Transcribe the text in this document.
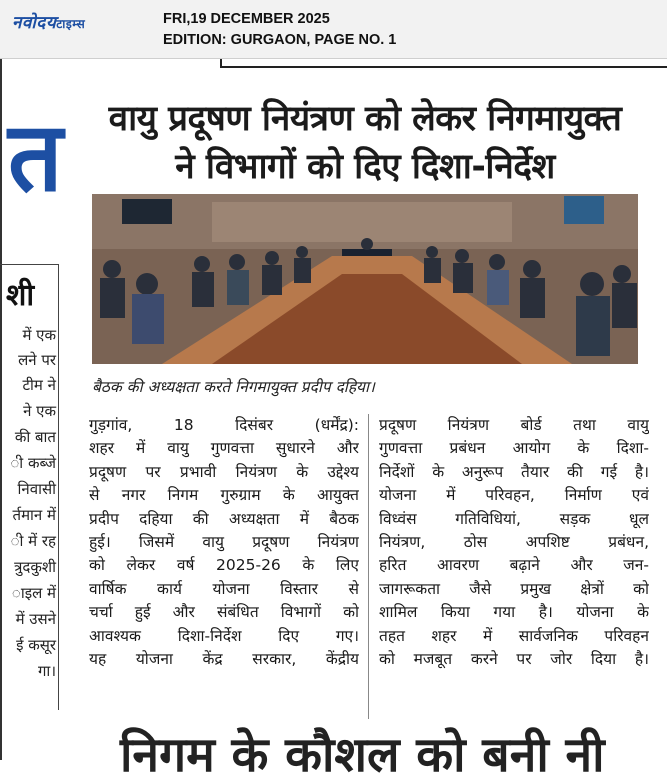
नवोदयटाइम्स	FRI,19 DECEMBER 2025
EDITION: GURGAON, PAGE NO. 1
त
शी
में एक
लने पर
टीम ने
ने एक
की बात
ी कब्जे
निवासी
र्तमान में
ी में रह
त्रुदकुशी
ाइल में
में उसने
ई कसूर
गा।
वायु प्रदूषण नियंत्रण को लेकर निगमायुक्त
ने विभागों को दिए दिशा-निर्देश
बैठक की अध्यक्षता करते निगमायुक्त प्रदीप दहिया।
गुड़गांव, 18 दिसंबर (धर्मेंद्र):
शहर में वायु गुणवत्ता सुधारने और
प्रदूषण पर प्रभावी नियंत्रण के उद्देश्य
से नगर निगम गुरुग्राम के आयुक्त
प्रदीप दहिया की अध्यक्षता में बैठक
हुई। जिसमें वायु प्रदूषण नियंत्रण
को लेकर वर्ष 2025-26 के लिए
वार्षिक कार्य योजना विस्तार से
चर्चा हुई और संबंधित विभागों को
आवश्यक दिशा-निर्देश दिए गए।
यह योजना केंद्र सरकार, केंद्रीय
प्रदूषण नियंत्रण बोर्ड तथा वायु
गुणवत्ता प्रबंधन आयोग के दिशा-
निर्देशों के अनुरूप तैयार की गई है।
योजना में परिवहन, निर्माण एवं
विध्वंस गतिविधियां, सड़क धूल
नियंत्रण, ठोस अपशिष्ट प्रबंधन,
हरित आवरण बढ़ाने और जन-
जागरूकता जैसे प्रमुख क्षेत्रों को
शामिल किया गया है। योजना के
तहत शहर में सार्वजनिक परिवहन
को मजबूत करने पर जोर दिया है।
निगम के कौशल को बनी नी
